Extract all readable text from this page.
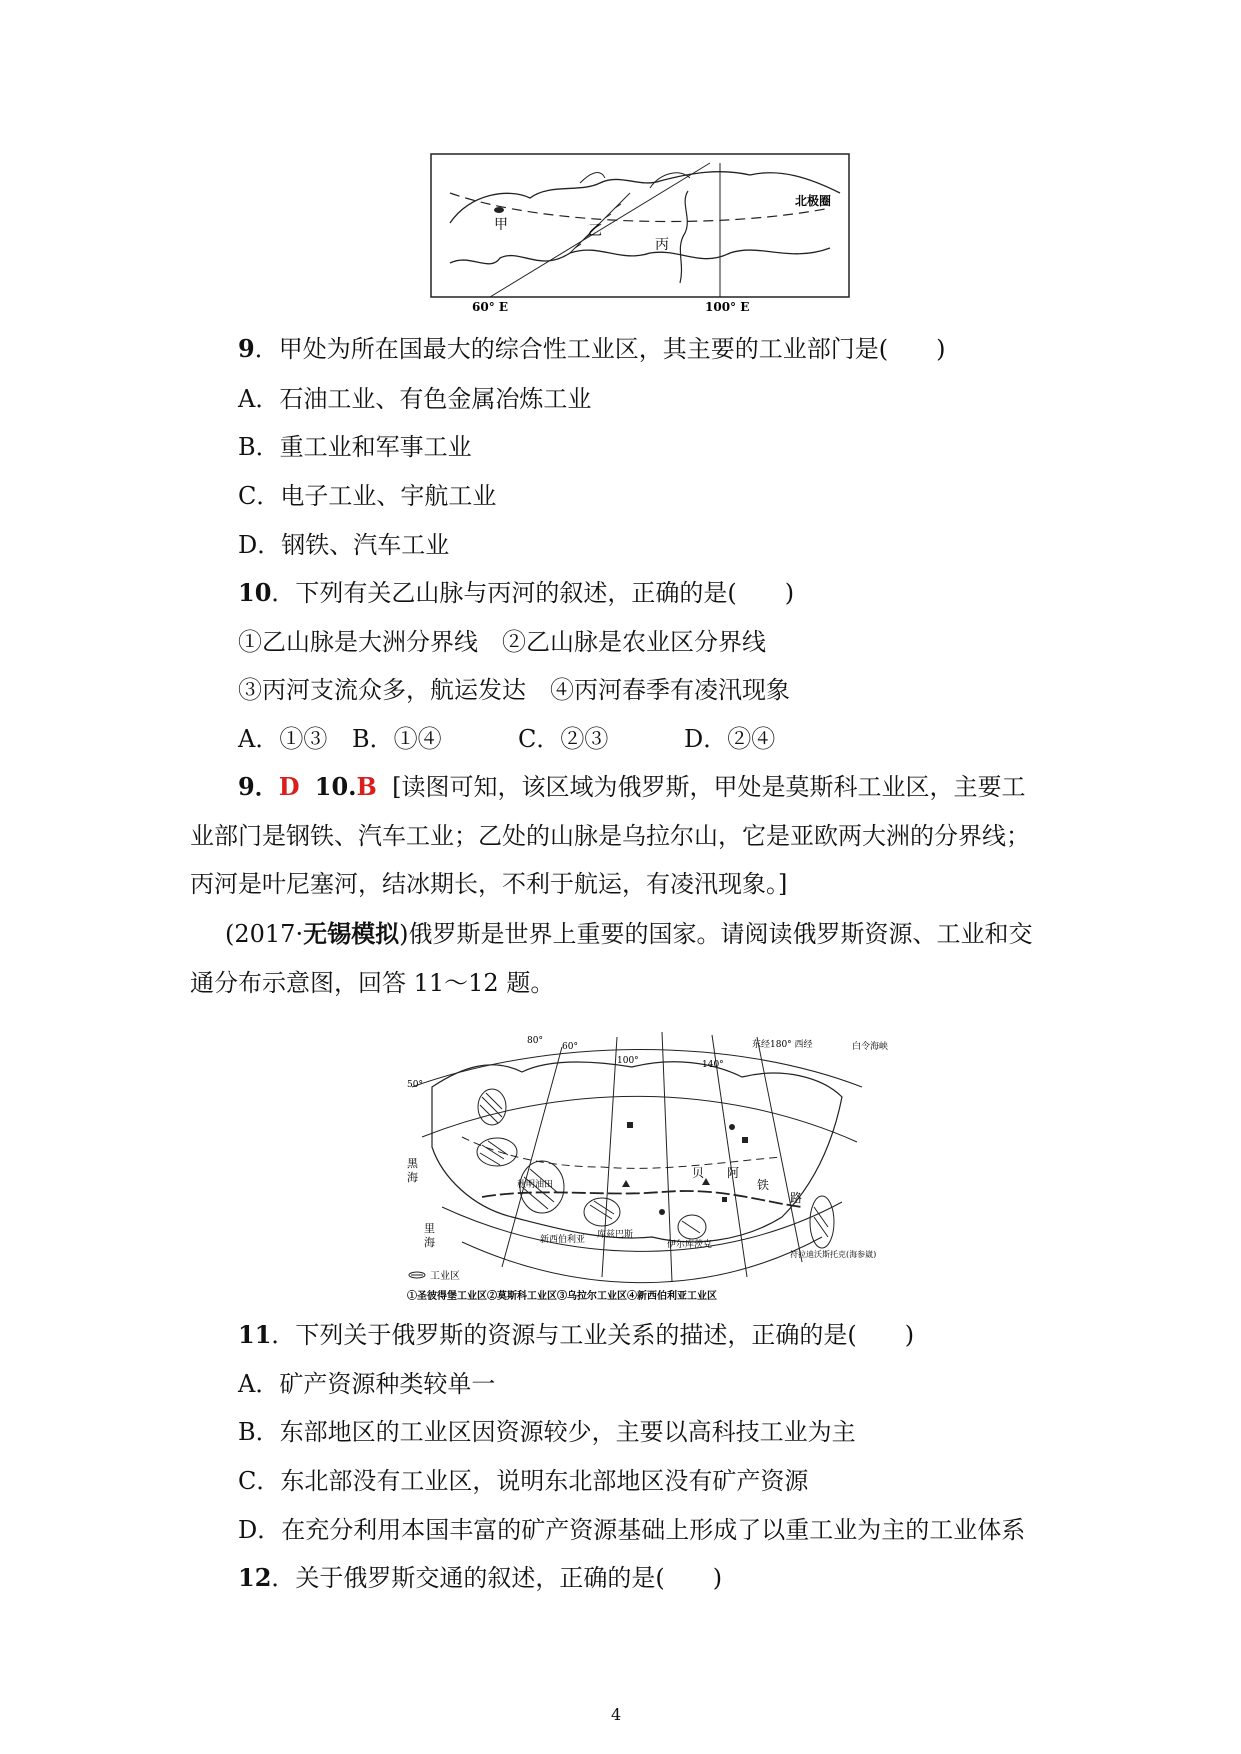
甲	乙
丙
北极圈
60° E	100° E
9．甲处为所在国最大的综合性工业区，其主要的工业部门是(　　)
A．石油工业、有色金属冶炼工业
B．重工业和军事工业
C．电子工业、宇航工业
D．钢铁、汽车工业
10．下列有关乙山脉与丙河的叙述，正确的是(　　)
①乙山脉是大洲分界线　②乙山脉是农业区分界线
③丙河支流众多，航运发达　④丙河春季有凌汛现象
A．①③ B．①④	C．②③	D．②④
9．D 10.B [读图可知，该区域为俄罗斯，甲处是莫斯科工业区，主要工
业部门是钢铁、汽车工业；乙处的山脉是乌拉尔山，它是亚欧两大洲的分界线；
丙河是叶尼塞河，结冰期长，不利于航运，有凌汛现象。]
(2017·无锡模拟)俄罗斯是世界上重要的国家。请阅读俄罗斯资源、工业和交
通分布示意图，回答 11～12 题。
50°
80°
60°
100°	140°
东经180° 西经	白令海峡
秋明油田
新西伯利亚 库兹巴斯
伊尔库茨克
符拉迪沃斯托克(海参崴)
黑
海
里
海
贝 阿
铁
路
工业区
①圣彼得堡工业区②莫斯科工业区③乌拉尔工业区④新西伯利亚工业区
11．下列关于俄罗斯的资源与工业关系的描述，正确的是(　　)
A．矿产资源种类较单一
B．东部地区的工业区因资源较少，主要以高科技工业为主
C．东北部没有工业区，说明东北部地区没有矿产资源
D．在充分利用本国丰富的矿产资源基础上形成了以重工业为主的工业体系
12．关于俄罗斯交通的叙述，正确的是(　　)
4
